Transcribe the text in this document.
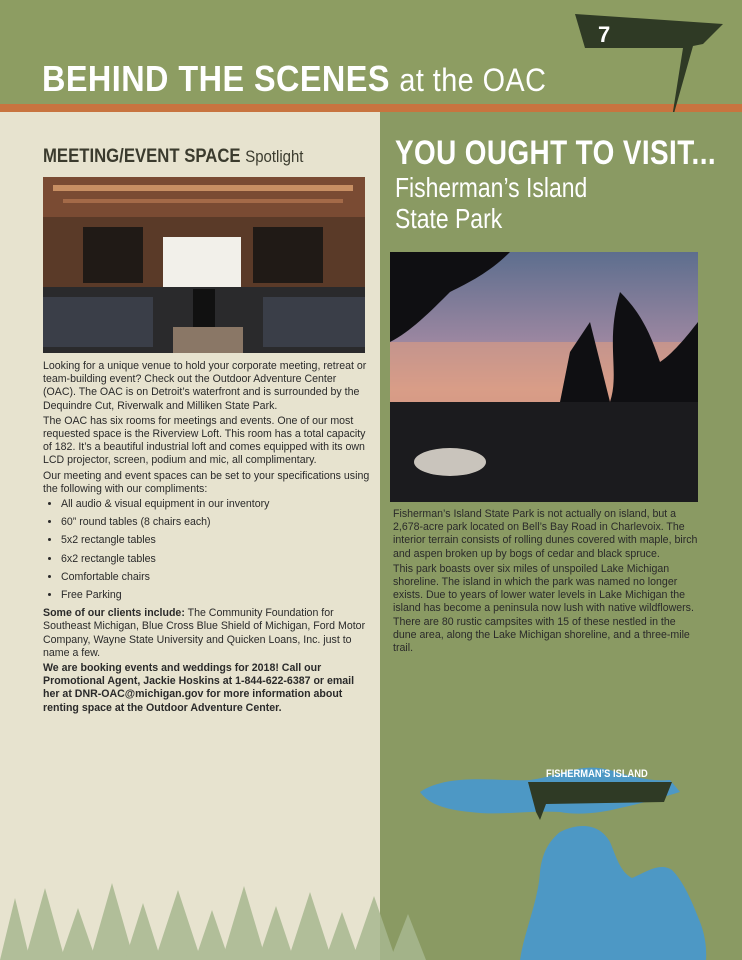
BEHIND THE SCENES at the OAC
7
MEETING/EVENT SPACE Spotlight

Looking for a unique venue to hold your corporate meeting, retreat or team-building event? Check out the Outdoor Adventure Center (OAC). The OAC is on Detroit’s waterfront and is surrounded by the Dequindre Cut, Riverwalk and Milliken State Park.

The OAC has six rooms for meetings and events. One of our most requested space is the Riverview Loft. This room has a total capacity of 182. It’s a beautiful industrial loft and comes equipped with its own LCD projector, screen, podium and mic, all complimentary.

Our meeting and event spaces can be set to your specifications using the following with our compliments:

• All audio & visual equipment in our inventory
• 60” round tables (8 chairs each)
• 5x2 rectangle tables
• 6x2 rectangle tables
• Comfortable chairs
• Free Parking

Some of our clients include: The Community Foundation for Southeast Michigan, Blue Cross Blue Shield of Michigan, Ford Motor Company, Wayne State University and Quicken Loans, Inc. just to name a few.

We are booking events and weddings for 2018! Call our Promotional Agent, Jackie Hoskins at 1-844-622-6387 or email her at DNR-OAC@michigan.gov for more information about renting space at the Outdoor Adventure Center.

YOU OUGHT TO VISIT...
Fisherman’s Island
State Park

Fisherman’s Island State Park is not actually on island, but a 2,678-acre park located on Bell’s Bay Road in Charlevoix. The interior terrain consists of rolling dunes covered with maple, birch and aspen broken up by bogs of cedar and black spruce.

This park boasts over six miles of unspoiled Lake Michigan shoreline. The island in which the park was named no longer exists. Due to years of lower water levels in Lake Michigan the island has become a peninsula now lush with native wildflowers. There are 80 rustic campsites with 15 of these nestled in the dune area, along the Lake Michigan shoreline, and a three-mile trail.

FISHERMAN’S ISLAND
